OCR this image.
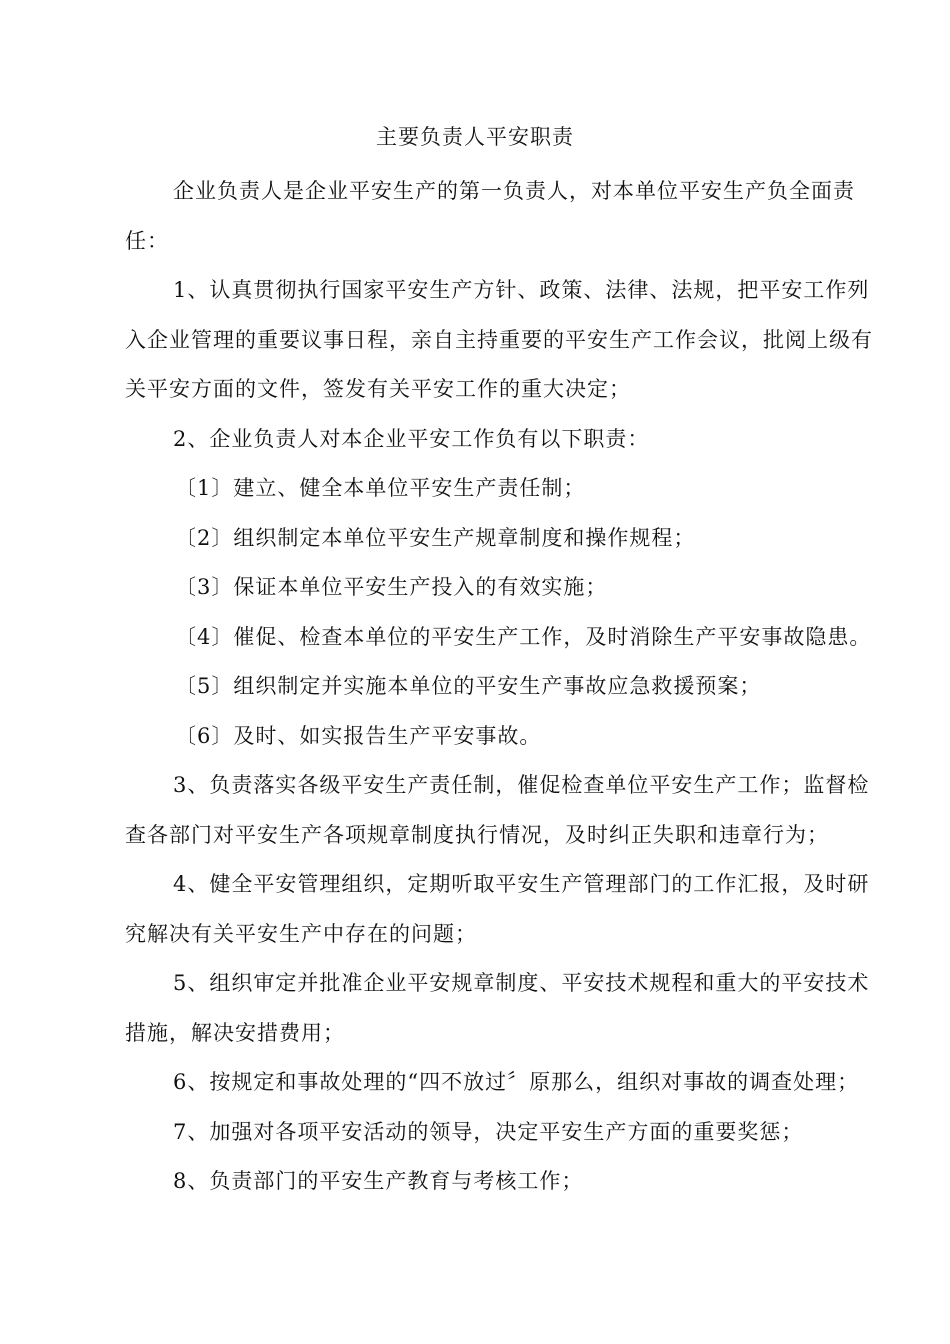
主要负责人平安职责

企业负责人是企业平安生产的第一负责人，对本单位平安生产负全面责任：

1、认真贯彻执行国家平安生产方针、政策、法律、法规，把平安工作列入企业管理的重要议事日程，亲自主持重要的平安生产工作会议，批阅上级有关平安方面的文件，签发有关平安工作的重大决定；

2、企业负责人对本企业平安工作负有以下职责：

〔1〕建立、健全本单位平安生产责任制；

〔2〕组织制定本单位平安生产规章制度和操作规程；

〔3〕保证本单位平安生产投入的有效实施；

〔4〕催促、检查本单位的平安生产工作，及时消除生产平安事故隐患。

〔5〕组织制定并实施本单位的平安生产事故应急救援预案；

〔6〕及时、如实报告生产平安事故。

3、负责落实各级平安生产责任制，催促检查单位平安生产工作；监督检查各部门对平安生产各项规章制度执行情况，及时纠正失职和违章行为；

4、健全平安管理组织，定期听取平安生产管理部门的工作汇报，及时研究解决有关平安生产中存在的问题；

5、组织审定并批准企业平安规章制度、平安技术规程和重大的平安技术措施，解决安措费用；

6、按规定和事故处理的“四不放过〞原那么，组织对事故的调查处理；

7、加强对各项平安活动的领导，决定平安生产方面的重要奖惩；

8、负责部门的平安生产教育与考核工作；
